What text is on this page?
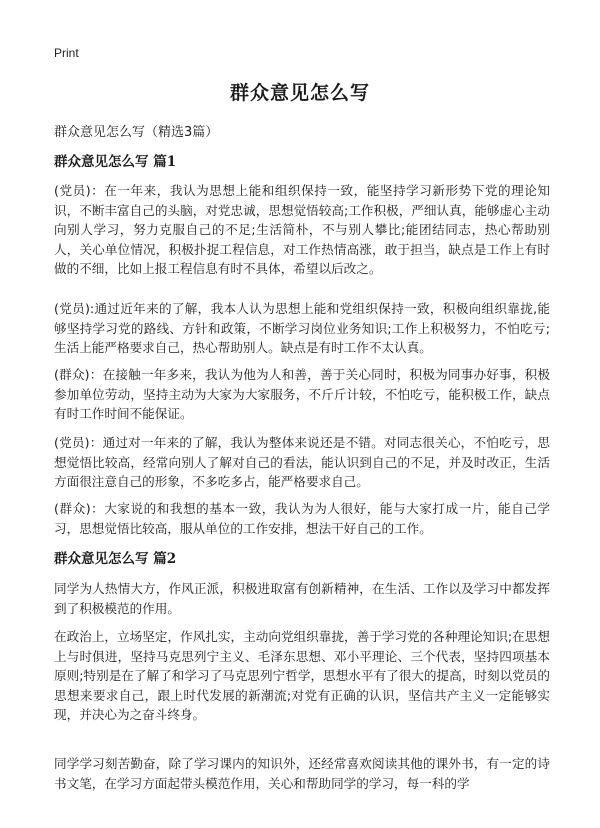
Print
群众意见怎么写
群众意见怎么写（精选3篇）
群众意见怎么写 篇1
(党员)：在一年来，我认为思想上能和组织保持一致，能坚持学习新形势下党的理论知识，不断丰富自己的头脑，对党忠诚，思想觉悟较高;工作积极，严细认真，能够虚心主动向别人学习，努力克服自己的不足;生活简朴，不与别人攀比;能团结同志，热心帮助别人，关心单位情况，积极扑捉工程信息，对工作热情高涨，敢于担当，缺点是工作上有时做的不细，比如上报工程信息有时不具体，希望以后改之。
(党员):通过近年来的了解，我本人认为思想上能和党组织保持一致，积极向组织靠拢,能够坚持学习党的路线、方针和政策，不断学习岗位业务知识;工作上积极努力，不怕吃亏;生活上能严格要求自己，热心帮助别人。缺点是有时工作不太认真。
(群众)：在接触一年多来，我认为他为人和善，善于关心同时，积极为同事办好事，积极参加单位劳动，坚持主动为大家为大家服务，不斤斤计较，不怕吃亏，能积极工作，缺点有时工作时间不能保证。
(党员)：通过对一年来的了解，我认为整体来说还是不错。对同志很关心，不怕吃亏，思想觉悟比较高，经常向别人了解对自己的看法，能认识到自己的不足，并及时改正，生活方面很注意自己的形象，不多吃多占，能严格要求自己。
(群众)：大家说的和我想的基本一致，我认为为人很好，能与大家打成一片，能自己学习，思想觉悟比较高，服从单位的工作安排，想法干好自己的工作。
群众意见怎么写 篇2
同学为人热情大方，作风正派，积极进取富有创新精神，在生活、工作以及学习中都发挥到了积极模范的作用。
在政治上，立场坚定，作风扎实，主动向党组织靠拢，善于学习党的各种理论知识;在思想上与时俱进，坚持马克思列宁主义、毛泽东思想、邓小平理论、三个代表，坚持四项基本原则;特别是在了解了和学习了马克思列宁哲学，思想水平有了很大的提高，时刻以党员的思想来要求自己，跟上时代发展的新潮流;对党有正确的认识，坚信共产主义一定能够实现，并决心为之奋斗终身。
同学学习刻苦勤奋，除了学习课内的知识外，还经常喜欢阅读其他的课外书，有一定的诗书文笔，在学习方面起带头模范作用，关心和帮助同学的学习，每一科的学
